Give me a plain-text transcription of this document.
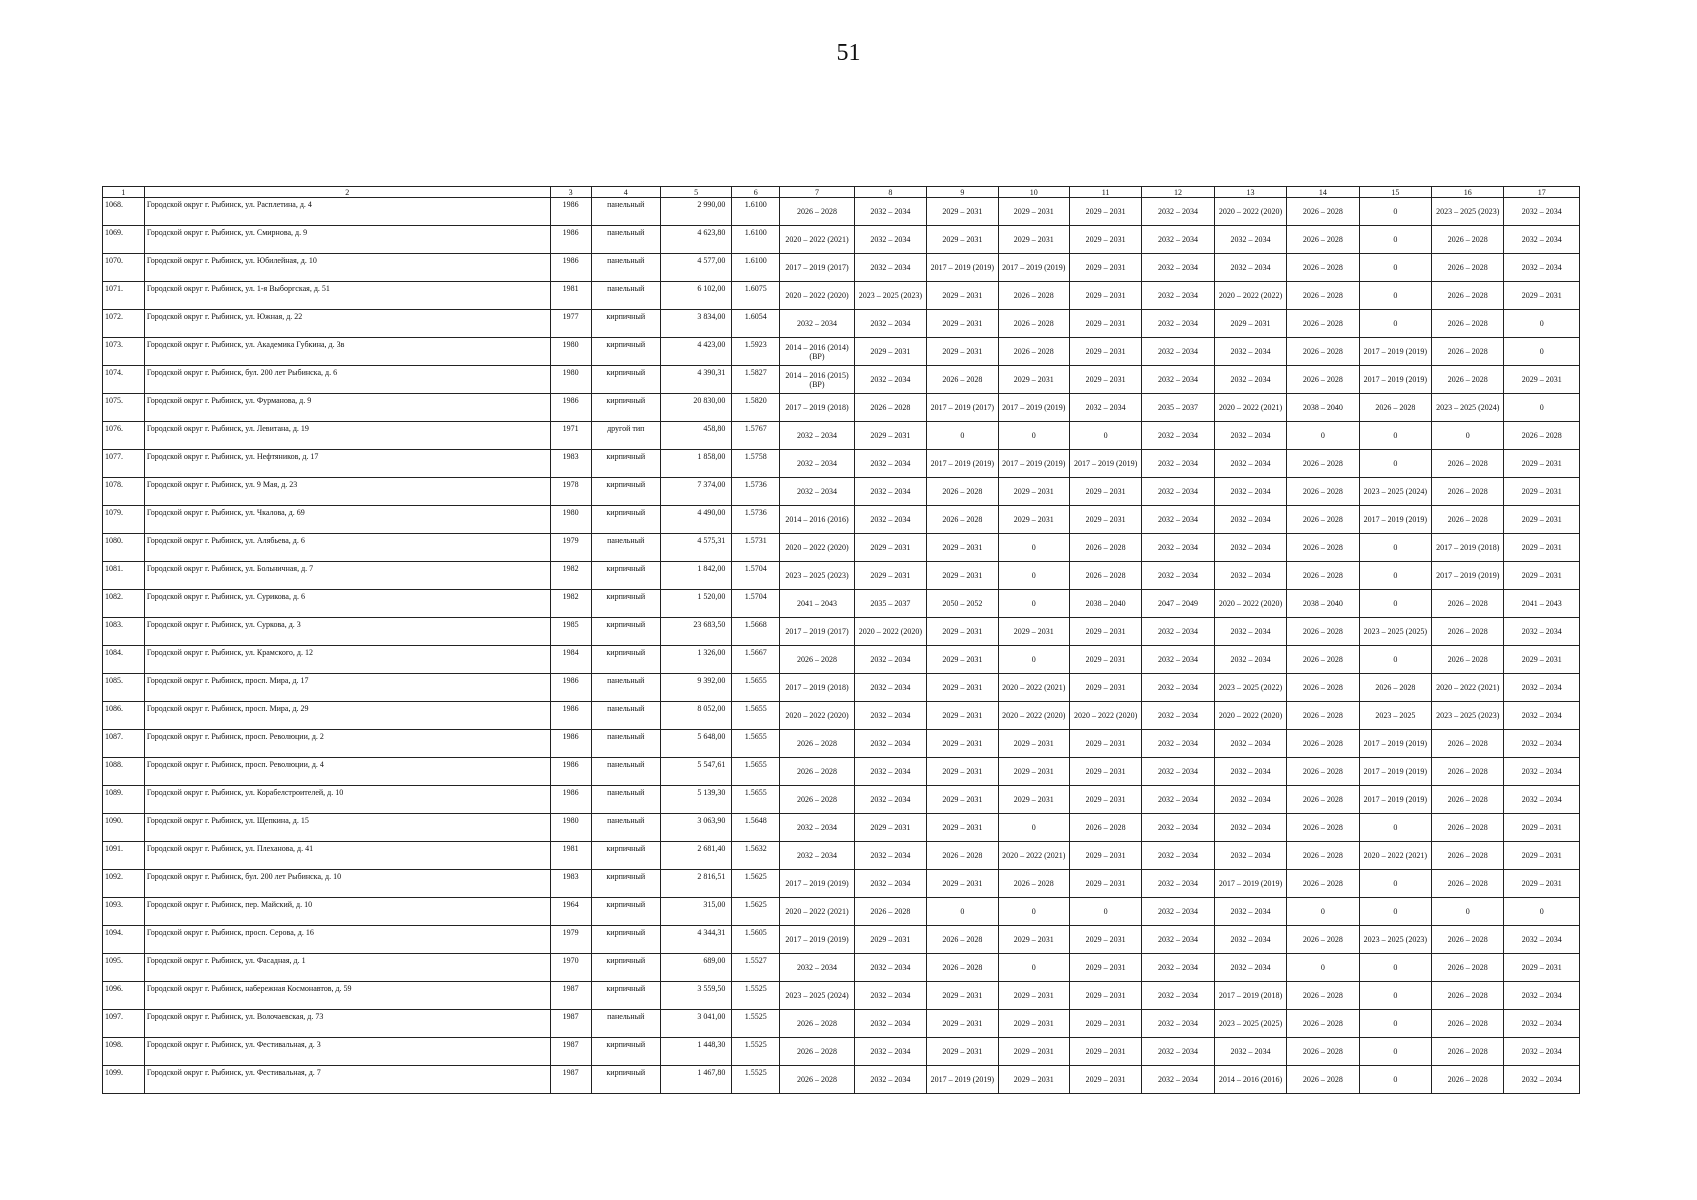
51
1	2	3	4	5	6	7	8	9	10	11	12	13	14	15	16	17
1068.	Городской округ г. Рыбинск, ул. Расплетина, д. 4	1986	панельный	2 990,00	1.6100	2026 – 2028	2032 – 2034	2029 – 2031	2029 – 2031	2029 – 2031	2032 – 2034	2020 – 2022 (2020)	2026 – 2028	0	2023 – 2025 (2023)	2032 – 2034
1069.	Городской округ г. Рыбинск, ул. Смирнова, д. 9	1986	панельный	4 623,80	1.6100	2020 – 2022 (2021)	2032 – 2034	2029 – 2031	2029 – 2031	2029 – 2031	2032 – 2034	2032 – 2034	2026 – 2028	0	2026 – 2028	2032 – 2034
1070.	Городской округ г. Рыбинск, ул. Юбилейная, д. 10	1986	панельный	4 577,00	1.6100	2017 – 2019 (2017)	2032 – 2034	2017 – 2019 (2019)	2017 – 2019 (2019)	2029 – 2031	2032 – 2034	2032 – 2034	2026 – 2028	0	2026 – 2028	2032 – 2034
1071.	Городской округ г. Рыбинск, ул. 1-я Выборгская, д. 51	1981	панельный	6 102,00	1.6075	2020 – 2022 (2020)	2023 – 2025 (2023)	2029 – 2031	2026 – 2028	2029 – 2031	2032 – 2034	2020 – 2022 (2022)	2026 – 2028	0	2026 – 2028	2029 – 2031
1072.	Городской округ г. Рыбинск, ул. Южная, д. 22	1977	кирпичный	3 834,00	1.6054	2032 – 2034	2032 – 2034	2029 – 2031	2026 – 2028	2029 – 2031	2032 – 2034	2029 – 2031	2026 – 2028	0	2026 – 2028	0
1073.	Городской округ г. Рыбинск, ул. Академика Губкина, д. 3в	1980	кирпичный	4 423,00	1.5923	2014 – 2016 (2014) (ВР)	2029 – 2031	2029 – 2031	2026 – 2028	2029 – 2031	2032 – 2034	2032 – 2034	2026 – 2028	2017 – 2019 (2019)	2026 – 2028	0
1074.	Городской округ г. Рыбинск, бул. 200 лет Рыбинска, д. 6	1980	кирпичный	4 390,31	1.5827	2014 – 2016 (2015) (ВР)	2032 – 2034	2026 – 2028	2029 – 2031	2029 – 2031	2032 – 2034	2032 – 2034	2026 – 2028	2017 – 2019 (2019)	2026 – 2028	2029 – 2031
1075.	Городской округ г. Рыбинск, ул. Фурманова, д. 9	1986	кирпичный	20 830,00	1.5820	2017 – 2019 (2018)	2026 – 2028	2017 – 2019 (2017)	2017 – 2019 (2019)	2032 – 2034	2035 – 2037	2020 – 2022 (2021)	2038 – 2040	2026 – 2028	2023 – 2025 (2024)	0
1076.	Городской округ г. Рыбинск, ул. Левитана, д. 19	1971	другой тип	458,80	1.5767	2032 – 2034	2029 – 2031	0	0	0	2032 – 2034	2032 – 2034	0	0	0	2026 – 2028
1077.	Городской округ г. Рыбинск, ул. Нефтяников, д. 17	1983	кирпичный	1 858,00	1.5758	2032 – 2034	2032 – 2034	2017 – 2019 (2019)	2017 – 2019 (2019)	2017 – 2019 (2019)	2032 – 2034	2032 – 2034	2026 – 2028	0	2026 – 2028	2029 – 2031
1078.	Городской округ г. Рыбинск, ул. 9 Мая, д. 23	1978	кирпичный	7 374,00	1.5736	2032 – 2034	2032 – 2034	2026 – 2028	2029 – 2031	2029 – 2031	2032 – 2034	2032 – 2034	2026 – 2028	2023 – 2025 (2024)	2026 – 2028	2029 – 2031
1079.	Городской округ г. Рыбинск, ул. Чкалова, д. 69	1980	кирпичный	4 490,00	1.5736	2014 – 2016 (2016)	2032 – 2034	2026 – 2028	2029 – 2031	2029 – 2031	2032 – 2034	2032 – 2034	2026 – 2028	2017 – 2019 (2019)	2026 – 2028	2029 – 2031
1080.	Городской округ г. Рыбинск, ул. Алябьева, д. 6	1979	панельный	4 575,31	1.5731	2020 – 2022 (2020)	2029 – 2031	2029 – 2031	0	2026 – 2028	2032 – 2034	2032 – 2034	2026 – 2028	0	2017 – 2019 (2018)	2029 – 2031
1081.	Городской округ г. Рыбинск, ул. Больничная, д. 7	1982	кирпичный	1 842,00	1.5704	2023 – 2025 (2023)	2029 – 2031	2029 – 2031	0	2026 – 2028	2032 – 2034	2032 – 2034	2026 – 2028	0	2017 – 2019 (2019)	2029 – 2031
1082.	Городской округ г. Рыбинск, ул. Сурикова, д. 6	1982	кирпичный	1 520,00	1.5704	2041 – 2043	2035 – 2037	2050 – 2052	0	2038 – 2040	2047 – 2049	2020 – 2022 (2020)	2038 – 2040	0	2026 – 2028	2041 – 2043
1083.	Городской округ г. Рыбинск, ул. Суркова, д. 3	1985	кирпичный	23 683,50	1.5668	2017 – 2019 (2017)	2020 – 2022 (2020)	2029 – 2031	2029 – 2031	2029 – 2031	2032 – 2034	2032 – 2034	2026 – 2028	2023 – 2025 (2025)	2026 – 2028	2032 – 2034
1084.	Городской округ г. Рыбинск, ул. Крамского, д. 12	1984	кирпичный	1 326,00	1.5667	2026 – 2028	2032 – 2034	2029 – 2031	0	2029 – 2031	2032 – 2034	2032 – 2034	2026 – 2028	0	2026 – 2028	2029 – 2031
1085.	Городской округ г. Рыбинск, просп. Мира, д. 17	1986	панельный	9 392,00	1.5655	2017 – 2019 (2018)	2032 – 2034	2029 – 2031	2020 – 2022 (2021)	2029 – 2031	2032 – 2034	2023 – 2025 (2022)	2026 – 2028	2026 – 2028	2020 – 2022 (2021)	2032 – 2034
1086.	Городской округ г. Рыбинск, просп. Мира, д. 29	1986	панельный	8 052,00	1.5655	2020 – 2022 (2020)	2032 – 2034	2029 – 2031	2020 – 2022 (2020)	2020 – 2022 (2020)	2032 – 2034	2020 – 2022 (2020)	2026 – 2028	2023 – 2025	2023 – 2025 (2023)	2032 – 2034
1087.	Городской округ г. Рыбинск, просп. Революции, д. 2	1986	панельный	5 648,00	1.5655	2026 – 2028	2032 – 2034	2029 – 2031	2029 – 2031	2029 – 2031	2032 – 2034	2032 – 2034	2026 – 2028	2017 – 2019 (2019)	2026 – 2028	2032 – 2034
1088.	Городской округ г. Рыбинск, просп. Революции, д. 4	1986	панельный	5 547,61	1.5655	2026 – 2028	2032 – 2034	2029 – 2031	2029 – 2031	2029 – 2031	2032 – 2034	2032 – 2034	2026 – 2028	2017 – 2019 (2019)	2026 – 2028	2032 – 2034
1089.	Городской округ г. Рыбинск, ул. Корабелстроителей, д. 10	1986	панельный	5 139,30	1.5655	2026 – 2028	2032 – 2034	2029 – 2031	2029 – 2031	2029 – 2031	2032 – 2034	2032 – 2034	2026 – 2028	2017 – 2019 (2019)	2026 – 2028	2032 – 2034
1090.	Городской округ г. Рыбинск, ул. Щепкина, д. 15	1980	панельный	3 063,90	1.5648	2032 – 2034	2029 – 2031	2029 – 2031	0	2026 – 2028	2032 – 2034	2032 – 2034	2026 – 2028	0	2026 – 2028	2029 – 2031
1091.	Городской округ г. Рыбинск, ул. Плеханова, д. 41	1981	кирпичный	2 681,40	1.5632	2032 – 2034	2032 – 2034	2026 – 2028	2020 – 2022 (2021)	2029 – 2031	2032 – 2034	2032 – 2034	2026 – 2028	2020 – 2022 (2021)	2026 – 2028	2029 – 2031
1092.	Городской округ г. Рыбинск, бул. 200 лет Рыбинска, д. 10	1983	кирпичный	2 816,51	1.5625	2017 – 2019 (2019)	2032 – 2034	2029 – 2031	2026 – 2028	2029 – 2031	2032 – 2034	2017 – 2019 (2019)	2026 – 2028	0	2026 – 2028	2029 – 2031
1093.	Городской округ г. Рыбинск, пер. Майский, д. 10	1964	кирпичный	315,00	1.5625	2020 – 2022 (2021)	2026 – 2028	0	0	0	2032 – 2034	2032 – 2034	0	0	0	0
1094.	Городской округ г. Рыбинск, просп. Серова, д. 16	1979	кирпичный	4 344,31	1.5605	2017 – 2019 (2019)	2029 – 2031	2026 – 2028	2029 – 2031	2029 – 2031	2032 – 2034	2032 – 2034	2026 – 2028	2023 – 2025 (2023)	2026 – 2028	2032 – 2034
1095.	Городской округ г. Рыбинск, ул. Фасадная, д. 1	1970	кирпичный	689,00	1.5527	2032 – 2034	2032 – 2034	2026 – 2028	0	2029 – 2031	2032 – 2034	2032 – 2034	0	0	2026 – 2028	2029 – 2031
1096.	Городской округ г. Рыбинск, набережная Космонавтов, д. 59	1987	кирпичный	3 559,50	1.5525	2023 – 2025 (2024)	2032 – 2034	2029 – 2031	2029 – 2031	2029 – 2031	2032 – 2034	2017 – 2019 (2018)	2026 – 2028	0	2026 – 2028	2032 – 2034
1097.	Городской округ г. Рыбинск, ул. Волочаевская, д. 73	1987	панельный	3 041,00	1.5525	2026 – 2028	2032 – 2034	2029 – 2031	2029 – 2031	2029 – 2031	2032 – 2034	2023 – 2025 (2025)	2026 – 2028	0	2026 – 2028	2032 – 2034
1098.	Городской округ г. Рыбинск, ул. Фестивальная, д. 3	1987	кирпичный	1 448,30	1.5525	2026 – 2028	2032 – 2034	2029 – 2031	2029 – 2031	2029 – 2031	2032 – 2034	2032 – 2034	2026 – 2028	0	2026 – 2028	2032 – 2034
1099.	Городской округ г. Рыбинск, ул. Фестивальная, д. 7	1987	кирпичный	1 467,80	1.5525	2026 – 2028	2032 – 2034	2017 – 2019 (2019)	2029 – 2031	2029 – 2031	2032 – 2034	2014 – 2016 (2016)	2026 – 2028	0	2026 – 2028	2032 – 2034
